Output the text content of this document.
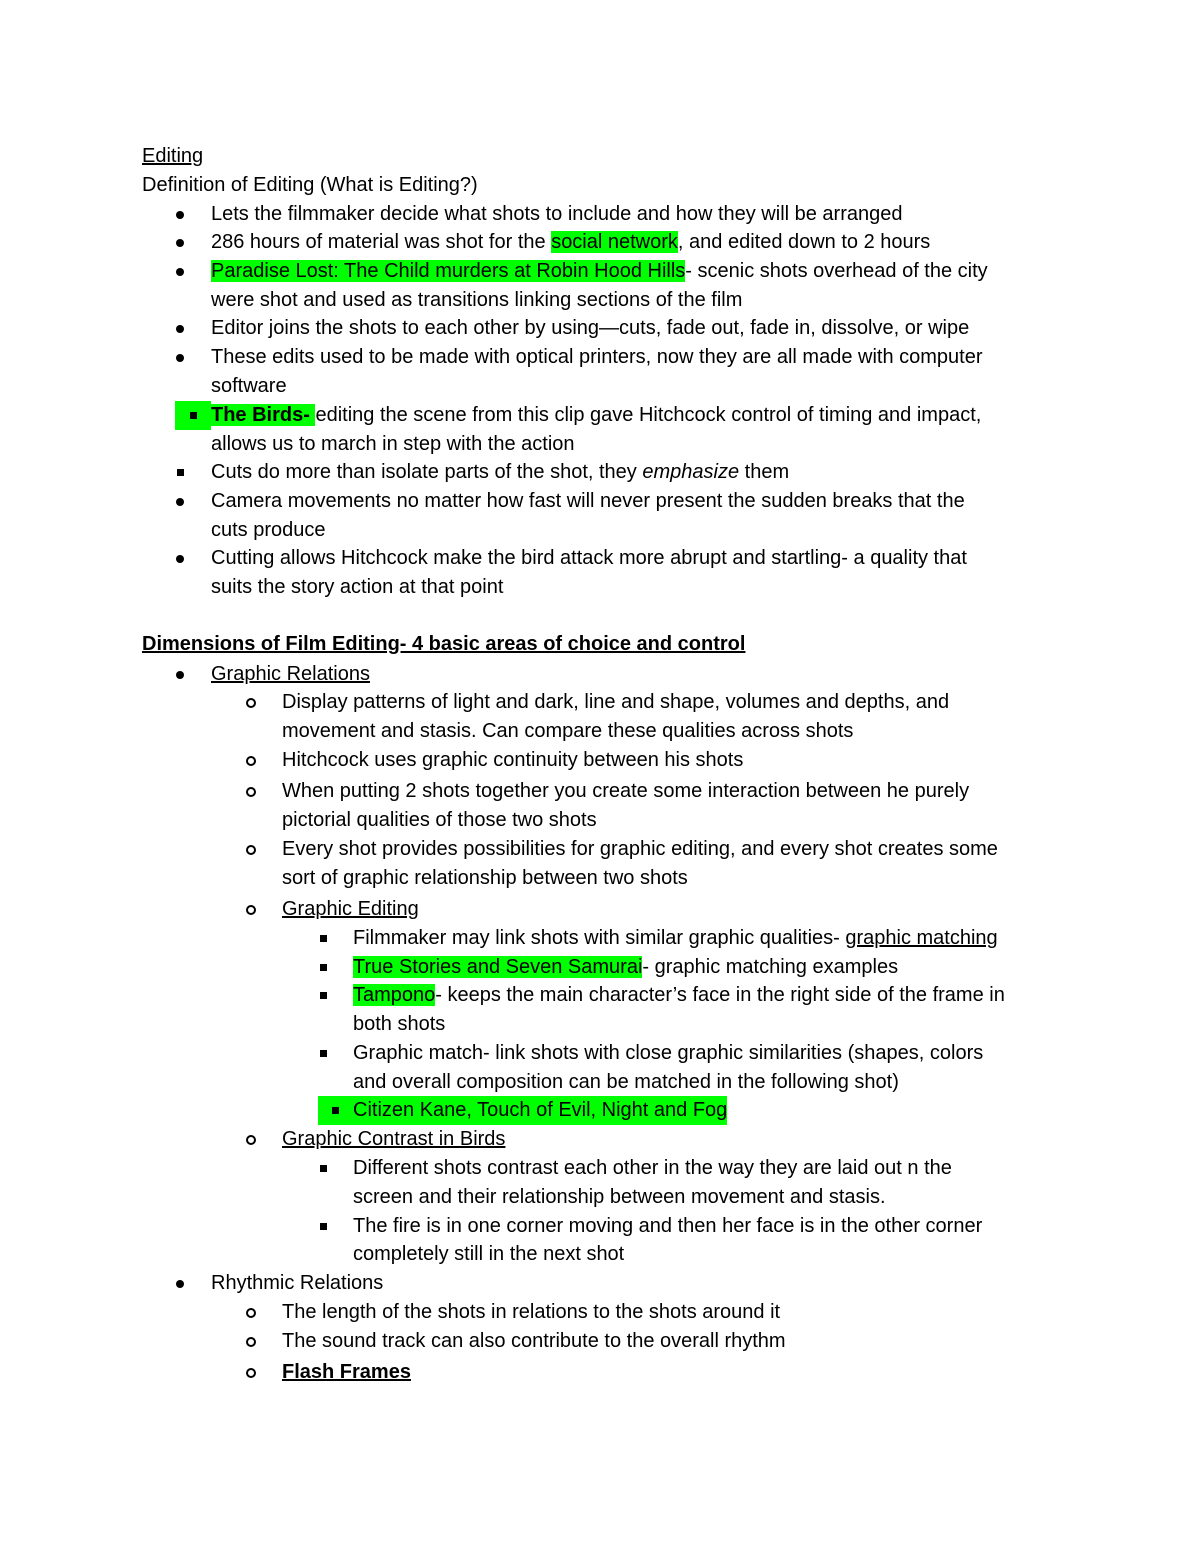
Editing
Definition of Editing (What is Editing?)
Lets the filmmaker decide what shots to include and how they will be arranged
286 hours of material was shot for the social network, and edited down to 2 hours
Paradise Lost: The Child murders at Robin Hood Hills- scenic shots overhead of the city
were shot and used as transitions linking sections of the film
Editor joins the shots to each other by using—cuts, fade out, fade in, dissolve, or wipe
These edits used to be made with optical printers, now they are all made with computer
software
The Birds- editing the scene from this clip gave Hitchcock control of timing and impact,
allows us to march in step with the action
Cuts do more than isolate parts of the shot, they emphasize them
Camera movements no matter how fast will never present the sudden breaks that the
cuts produce
Cutting allows Hitchcock make the bird attack more abrupt and startling- a quality that
suits the story action at that point
Dimensions of Film Editing- 4 basic areas of choice and control
Graphic Relations
Display patterns of light and dark, line and shape, volumes and depths, and
movement and stasis. Can compare these qualities across shots
Hitchcock uses graphic continuity between his shots
When putting 2 shots together you create some interaction between he purely
pictorial qualities of those two shots
Every shot provides possibilities for graphic editing, and every shot creates some
sort of graphic relationship between two shots
Graphic Editing
Filmmaker may link shots with similar graphic qualities- graphic matching
True Stories and Seven Samurai- graphic matching examples
Tampono- keeps the main character’s face in the right side of the frame in
both shots
Graphic match- link shots with close graphic similarities (shapes, colors
and overall composition can be matched in the following shot)
Citizen Kane, Touch of Evil, Night and Fog
Graphic Contrast in Birds
Different shots contrast each other in the way they are laid out n the
screen and their relationship between movement and stasis.
The fire is in one corner moving and then her face is in the other corner
completely still in the next shot
Rhythmic Relations
The length of the shots in relations to the shots around it
The sound track can also contribute to the overall rhythm
Flash Frames
